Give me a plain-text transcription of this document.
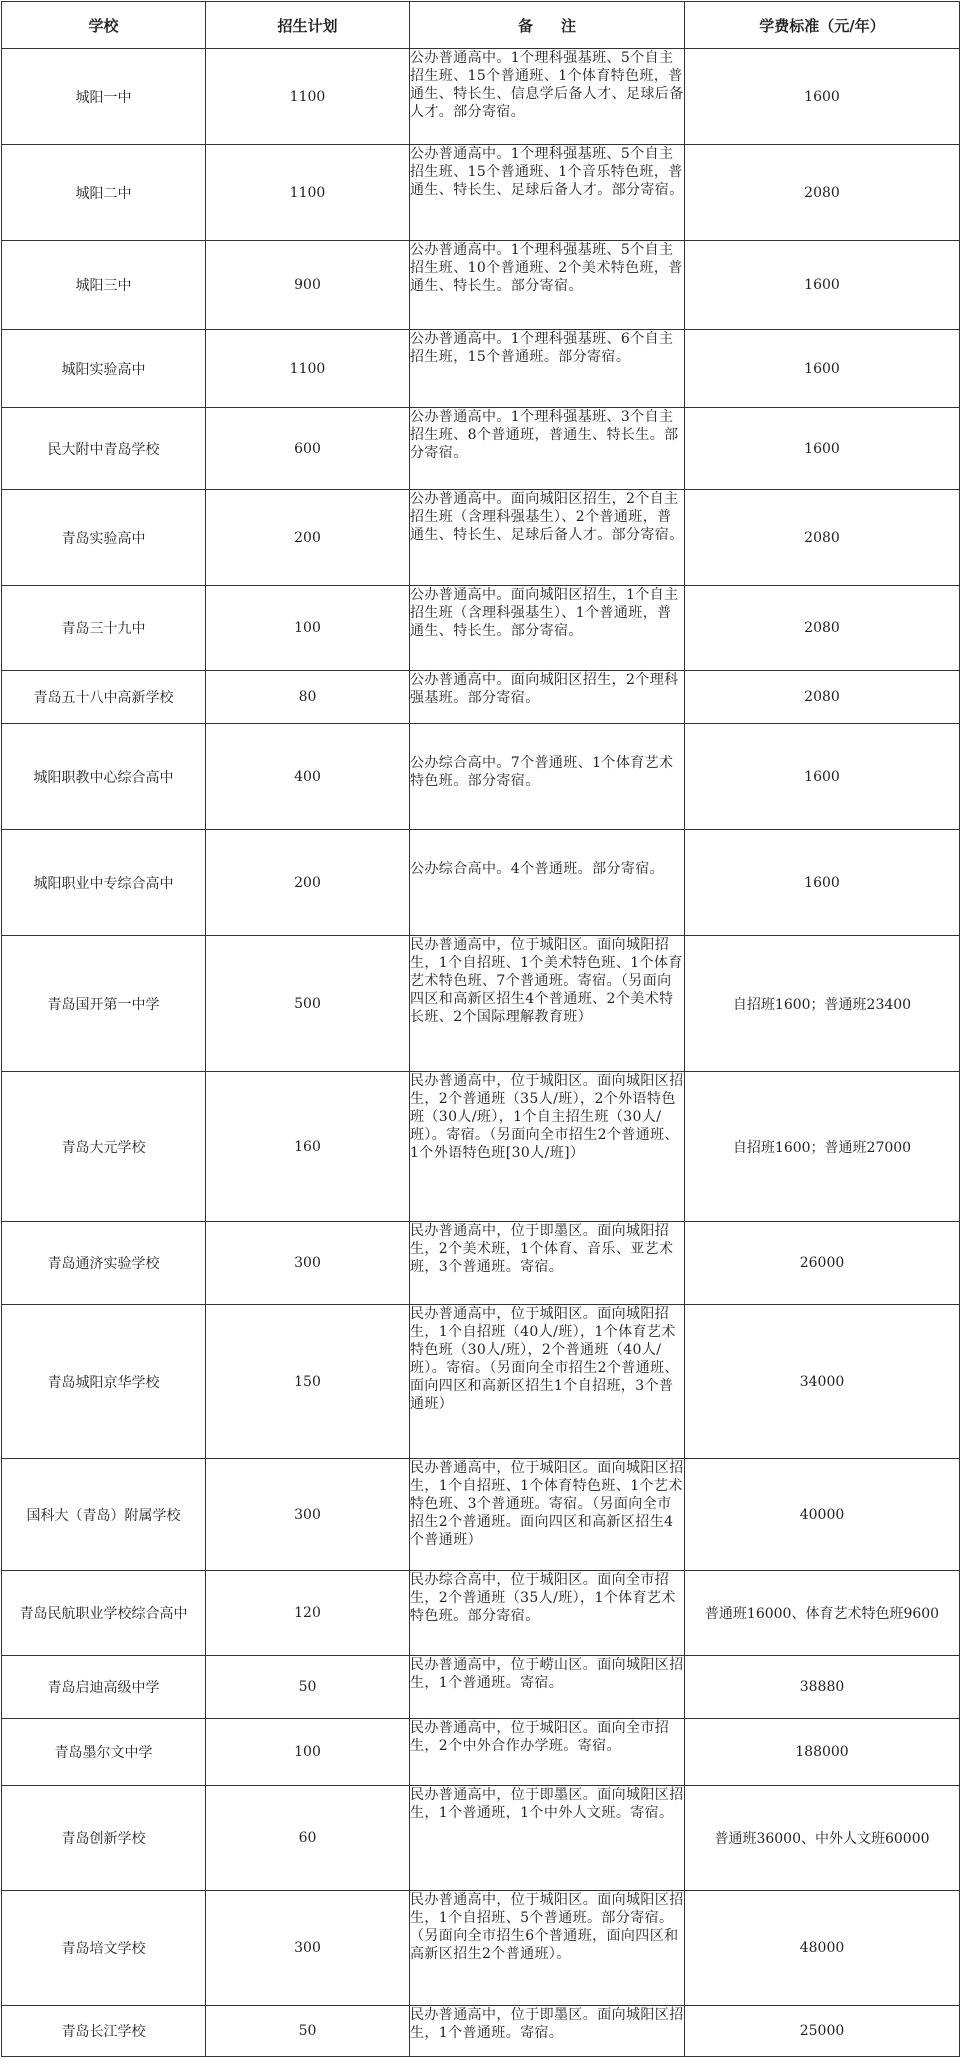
学校	招生计划	备注	学费标准（元/年）
城阳一中	1100	公办普通高中。1个理科强基班、5个自主招生班、15个普通班、1个体育特色班，普通生、特长生、信息学后备人才、足球后备人才。部分寄宿。	1600
城阳二中	1100	公办普通高中。1个理科强基班、5个自主招生班、15个普通班、1个音乐特色班，普通生、特长生、足球后备人才。部分寄宿。	2080
城阳三中	900	公办普通高中。1个理科强基班、5个自主招生班、10个普通班、2个美术特色班，普通生、特长生。部分寄宿。	1600
城阳实验高中	1100	公办普通高中。1个理科强基班、6个自主招生班，15个普通班。部分寄宿。	1600
民大附中青岛学校	600	公办普通高中。1个理科强基班、3个自主招生班、8个普通班，普通生、特长生。部分寄宿。	1600
青岛实验高中	200	公办普通高中。面向城阳区招生，2个自主招生班（含理科强基生）、2个普通班，普通生、特长生、足球后备人才。部分寄宿。	2080
青岛三十九中	100	公办普通高中。面向城阳区招生，1个自主招生班（含理科强基生）、1个普通班，普通生、特长生。部分寄宿。	2080
青岛五十八中高新学校	80	公办普通高中。面向城阳区招生，2个理科强基班。部分寄宿。	2080
城阳职教中心综合高中	400	公办综合高中。7个普通班、1个体育艺术特色班。部分寄宿。	1600
城阳职业中专综合高中	200	公办综合高中。4个普通班。部分寄宿。	1600
青岛国开第一中学	500	民办普通高中，位于城阳区。面向城阳招生，1个自招班、1个美术特色班、1个体育艺术特色班、7个普通班。寄宿。（另面向四区和高新区招生4个普通班、2个美术特长班、2个国际理解教育班）	自招班1600；普通班23400
青岛大元学校	160	民办普通高中，位于城阳区。面向城阳区招生，2个普通班（35人/班），2个外语特色班（30人/班），1个自主招生班（30人/班）。寄宿。（另面向全市招生2个普通班、1个外语特色班[30人/班]）	自招班1600；普通班27000
青岛通济实验学校	300	民办普通高中，位于即墨区。面向城阳招生，2个美术班，1个体育、音乐、亚艺术班，3个普通班。寄宿。	26000
青岛城阳京华学校	150	民办普通高中，位于城阳区。面向城阳招生，1个自招班（40人/班），1个体育艺术特色班（30人/班），2个普通班（40人/班）。寄宿。（另面向全市招生2个普通班、面向四区和高新区招生1个自招班，3个普通班）	34000
国科大（青岛）附属学校	300	民办普通高中，位于城阳区。面向城阳区招生，1个自招班、1个体育特色班、1个艺术特色班、3个普通班。寄宿。（另面向全市招生2个普通班。面向四区和高新区招生4个普通班）	40000
青岛民航职业学校综合高中	120	民办综合高中，位于城阳区。面向全市招生，2个普通班（35人/班），1个体育艺术特色班。部分寄宿。	普通班16000、体育艺术特色班9600
青岛启迪高级中学	50	民办普通高中，位于崂山区。面向城阳区招生，1个普通班。寄宿。	38880
青岛墨尔文中学	100	民办普通高中，位于城阳区。面向全市招生，2个中外合作办学班。寄宿。	188000
青岛创新学校	60	民办普通高中，位于即墨区。面向城阳区招生，1个普通班，1个中外人文班。寄宿。	普通班36000、中外人文班60000
青岛培文学校	300	民办普通高中，位于城阳区。面向城阳区招生，1个自招班、5个普通班。部分寄宿。（另面向全市招生6个普通班，面向四区和高新区招生2个普通班）。	48000
青岛长江学校	50	民办普通高中，位于即墨区。面向城阳区招生，1个普通班。寄宿。	25000
